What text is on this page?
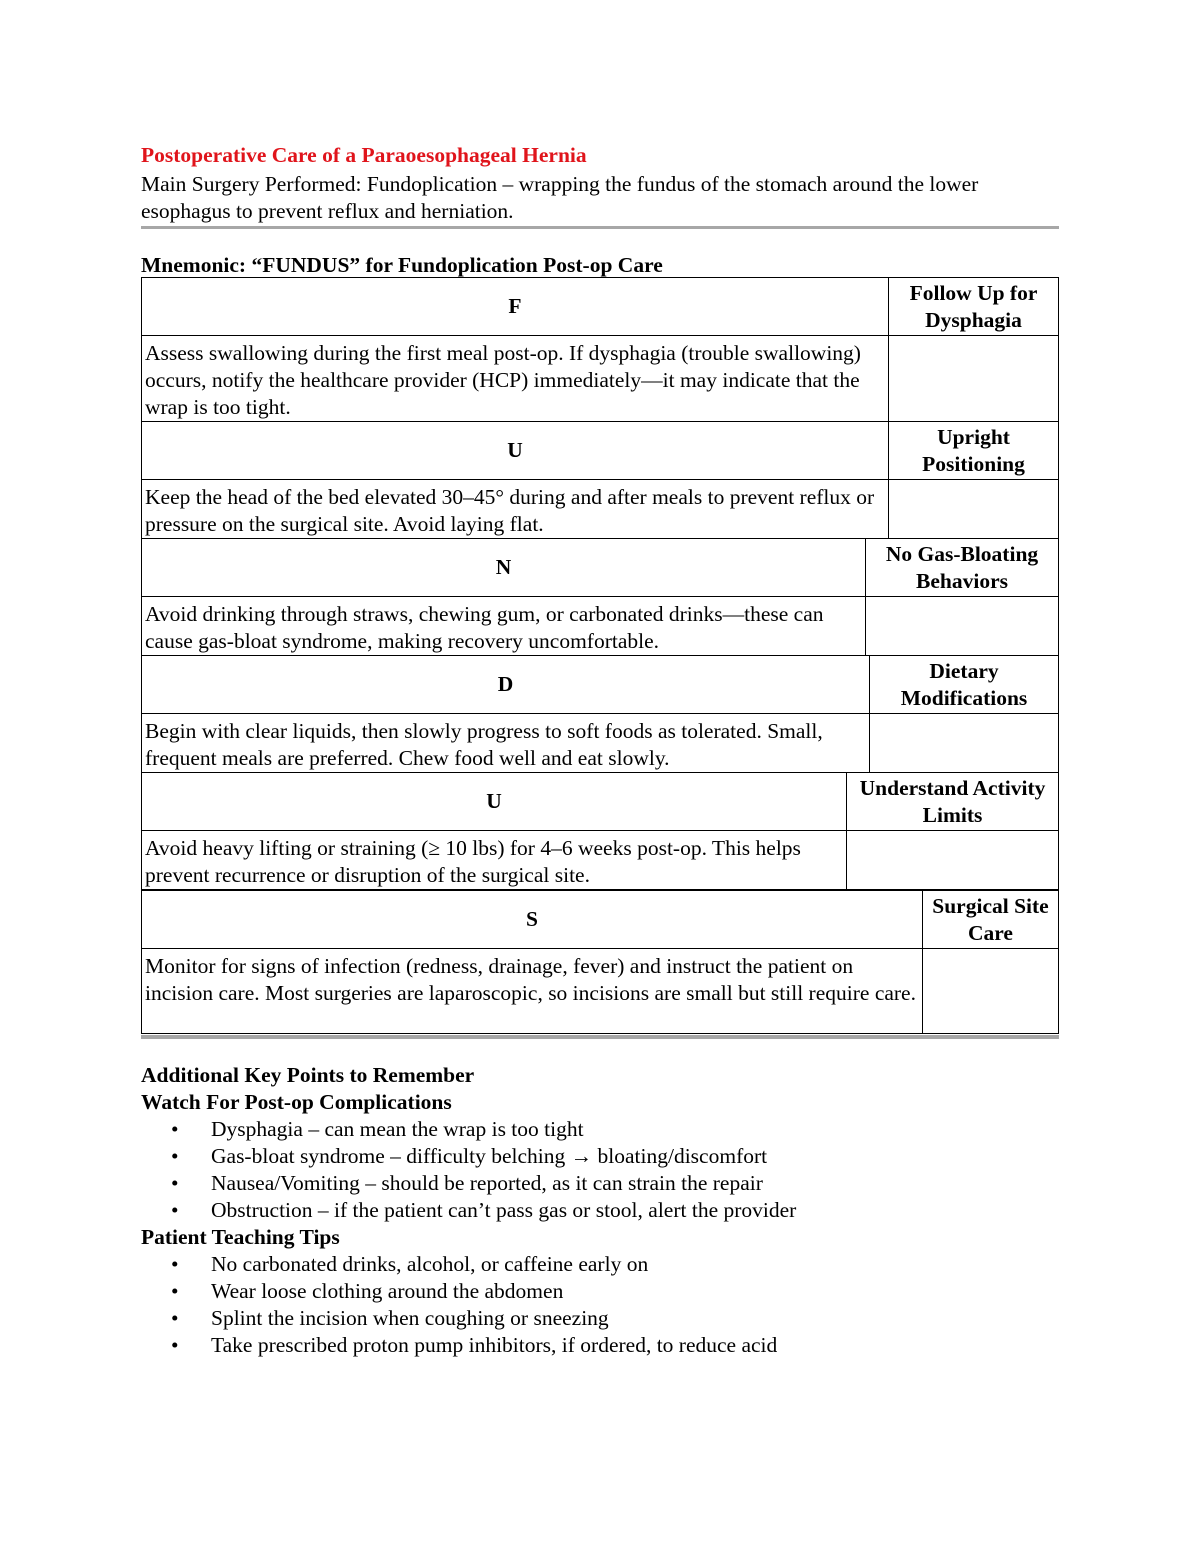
Postoperative Care of a Paraoesophageal Hernia
Main Surgery Performed: Fundoplication – wrapping the fundus of the stomach around the lower esophagus to prevent reflux and herniation.
Mnemonic: “FUNDUS” for Fundoplication Post-op Care
F	Follow Up for Dysphagia
Assess swallowing during the first meal post-op. If dysphagia (trouble swallowing) occurs, notify the healthcare provider (HCP) immediately—it may indicate that the wrap is too tight.	
U	Upright Positioning
Keep the head of the bed elevated 30–45° during and after meals to prevent reflux or pressure on the surgical site. Avoid laying flat.	
N	No Gas-Bloating Behaviors
Avoid drinking through straws, chewing gum, or carbonated drinks—these can cause gas-bloat syndrome, making recovery uncomfortable.	
D	Dietary Modifications
Begin with clear liquids, then slowly progress to soft foods as tolerated. Small, frequent meals are preferred. Chew food well and eat slowly.	
U	Understand Activity Limits
Avoid heavy lifting or straining (≥ 10 lbs) for 4–6 weeks post-op. This helps prevent recurrence or disruption of the surgical site.	
S	Surgical Site Care
Monitor for signs of infection (redness, drainage, fever) and instruct the patient on incision care. Most surgeries are laparoscopic, so incisions are small but still require care.	
Additional Key Points to Remember
Watch For Post-op Complications
• Dysphagia – can mean the wrap is too tight
• Gas-bloat syndrome – difficulty belching → bloating/discomfort
• Nausea/Vomiting – should be reported, as it can strain the repair
• Obstruction – if the patient can’t pass gas or stool, alert the provider
Patient Teaching Tips
• No carbonated drinks, alcohol, or caffeine early on
• Wear loose clothing around the abdomen
• Splint the incision when coughing or sneezing
• Take prescribed proton pump inhibitors, if ordered, to reduce acid
